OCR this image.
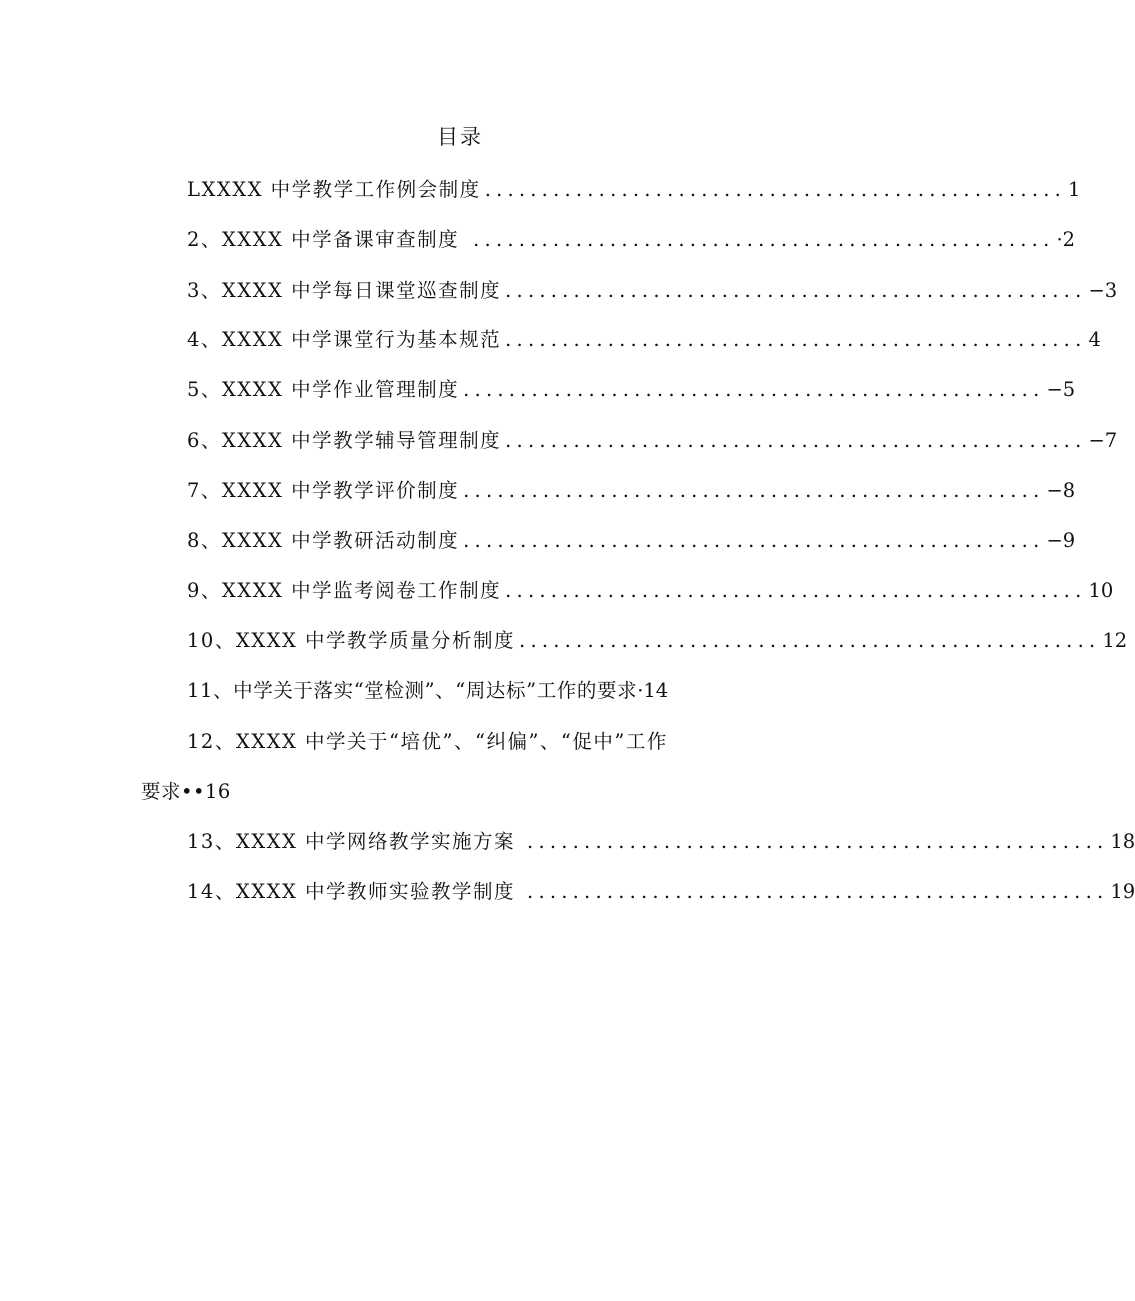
目录
LXXXX 中学教学工作例会制度 ................................................... 1
2、XXXX 中学备课审查制度 ................................................... ·2
3、XXXX 中学每日课堂巡查制度 ................................................... −3
4、XXXX 中学课堂行为基本规范 ................................................... 4
5、XXXX 中学作业管理制度 ................................................... −5
6、XXXX 中学教学辅导管理制度 ................................................... −7
7、XXXX 中学教学评价制度 ................................................... −8
8、XXXX 中学教研活动制度 ................................................... −9
9、XXXX 中学监考阅卷工作制度 ................................................... 10
10、XXXX 中学教学质量分析制度 ................................................... 12
11、中学关于落实“堂检测”、“周达标”工作的要求 ·14
12、XXXX 中学关于“培优”、“纠偏”、“促中”工作
要求••16
13、XXXX 中学网络教学实施方案 ................................................... 18
14、XXXX 中学教师实验教学制度 ................................................... 19
